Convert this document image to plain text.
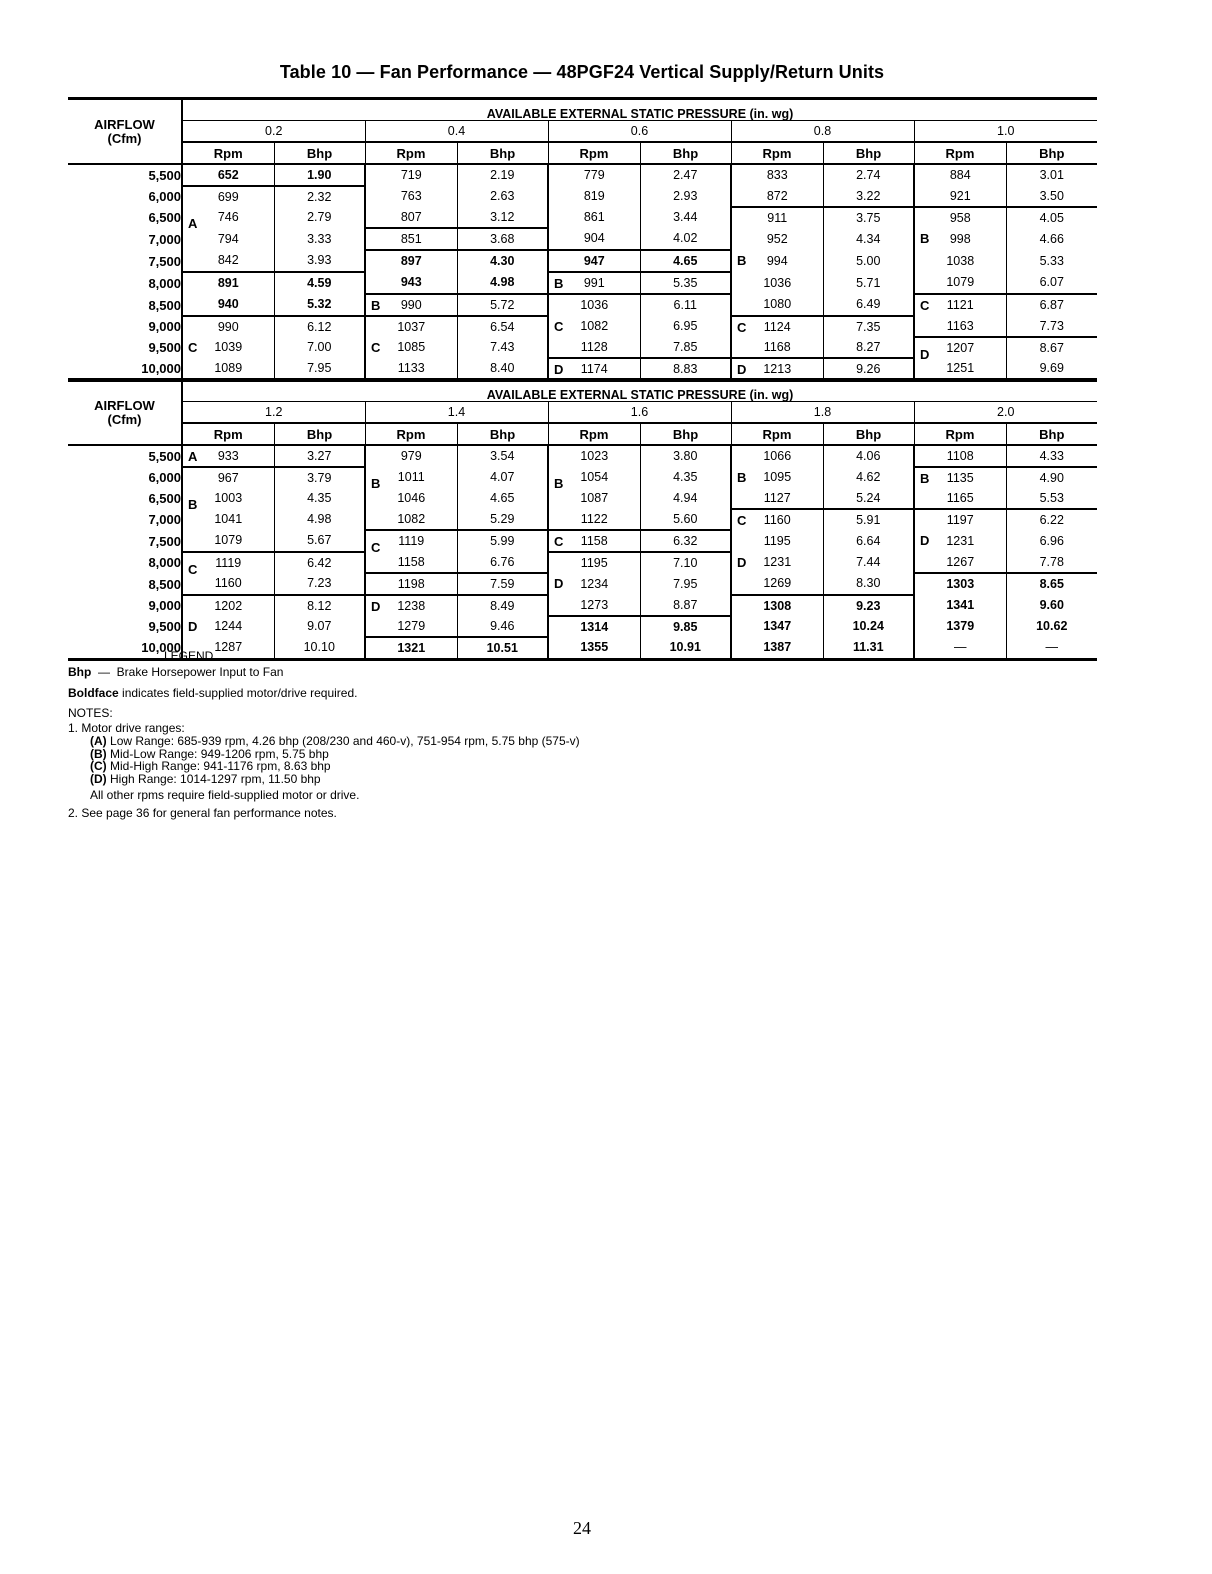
Table 10 — Fan Performance — 48PGF24 Vertical Supply/Return Units
AIRFLOW
(Cfm)	AVAILABLE EXTERNAL STATIC PRESSURE (in. wg)									
	0.2		0.4		0.6		0.8		1.0	
	Rpm	Bhp	Rpm	Bhp	Rpm	Bhp	Rpm	Bhp	Rpm	Bhp
5,500	652	1.90	719	2.19	779	2.47	833	2.74	884	3.01
6,000	699	2.32	763	2.63	819	2.93	872	3.22	921	3.50
6,500	A 746	2.79	807	3.12	861	3.44	911	3.75	958	4.05
7,000	794	3.33	851	3.68	904	4.02	952	4.34	B 998	4.66
7,500	842	3.93	897	4.30	947	4.65	B 994	5.00	1038	5.33
8,000	891	4.59	943	4.98	B 991	5.35	1036	5.71	1079	6.07
8,500	940	5.32	B 990	5.72	1036	6.11	1080	6.49	C 1121	6.87
9,000	990	6.12	1037	6.54	C 1082	6.95	C 1124	7.35	1163	7.73
9,500	C 1039	7.00	C 1085	7.43	1128	7.85	1168	8.27	D 1207	8.67
10,000	1089	7.95	1133	8.40	D 1174	8.83	D 1213	9.26	1251	9.69
AIRFLOW
(Cfm)	AVAILABLE EXTERNAL STATIC PRESSURE (in. wg)									
	1.2		1.4		1.6		1.8		2.0	
	Rpm	Bhp	Rpm	Bhp	Rpm	Bhp	Rpm	Bhp	Rpm	Bhp
5,500	A 933	3.27	979	3.54	1023	3.80	1066	4.06	1108	4.33
6,000	967	3.79	B 1011	4.07	B 1054	4.35	B 1095	4.62	B 1135	4.90
6,500	B 1003	4.35	1046	4.65	1087	4.94	1127	5.24	1165	5.53
7,000	1041	4.98	1082	5.29	1122	5.60	C 1160	5.91	1197	6.22
7,500	1079	5.67	C 1119	5.99	C 1158	6.32	1195	6.64	D 1231	6.96
8,000	C 1119	6.42	1158	6.76	1195	7.10	D 1231	7.44	1267	7.78
8,500	1160	7.23	1198	7.59	D 1234	7.95	1269	8.30	1303	8.65
9,000	1202	8.12	D 1238	8.49	1273	8.87	1308	9.23	1341	9.60
9,500	D 1244	9.07	1279	9.46	1314	9.85	1347	10.24	1379	10.62
10,000	1287	10.10	1321	10.51	1355	10.91	1387	11.31	—	—

LEGEND

Bhp — Brake Horsepower Input to Fan

Boldface indicates field-supplied motor/drive required.

NOTES:

1. Motor drive ranges:

(A) Low Range: 685-939 rpm, 4.26 bhp (208/230 and 460-v), 751-954 rpm, 5.75 bhp (575-v)

(B) Mid-Low Range: 949-1206 rpm, 5.75 bhp

(C) Mid-High Range: 941-1176 rpm, 8.63 bhp

(D) High Range: 1014-1297 rpm, 11.50 bhp

All other rpms require field-supplied motor or drive.

2. See page 36 for general fan performance notes.

24
